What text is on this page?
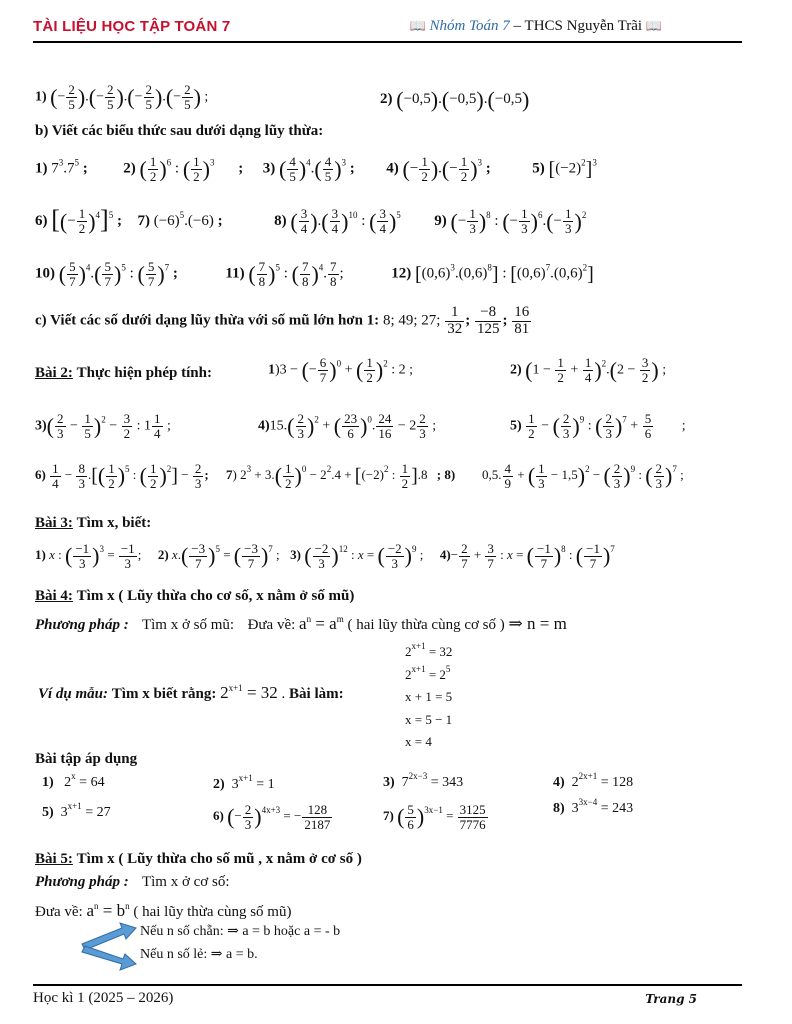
TÀI LIỆU HỌC TẬP TOÁN 7	📖 Nhóm Toán 7 – THCS Nguyễn Trãi 📖
1) (− $\frac{2}{5}$ ).(− $\frac{2}{5}$ ).(− $\frac{2}{5}$ ).(− $\frac{2}{5}$ ) ;	2) (−0,5).(−0,5).(−0,5)
b) Viết các biểu thức sau dưới dạng lũy thừa:
1) $7^3.7^5$ ; 2) ( $\frac{1}{2} )^6$ : ( $\frac{1}{2} )^3$ ; 3) ( $\frac{4}{5} )^4.( \frac{4}{5} )^3$ ; 4) (− $\frac{1}{2}$ ).(− $\frac{1}{2} )^3$ ;	5) $[(-2)^2]^3$
6) [(− $\frac{1}{2} )^4]^5$ ; 7) $(-6)^5.(-6)$ ;	8) ( $\frac{3}{4}$ ).( $\frac{3}{4} )^{10}$ : ( $\frac{3}{4} )^5$ 9) (− $\frac{1}{3} )^8$ : (− $\frac{1}{3} )^6.(- \frac{1}{3} )^2$
10) ( $\frac{5}{7} )^4.( \frac{5}{7} )^5$ : ( $\frac{5}{7} )^7$ ;	11) ( $\frac{7}{8} )^5$ : ( $\frac{7}{8} )^4$. $\frac{7}{8}$ ;	12) $[(0,6)^3.(0,6)^8]$ : $[(0,6)^7.(0,6)^2]$
c) Viết các số dưới dạng lũy thừa với số mũ lớn hơn 1: 8; 49; 27; $\frac{1}{32}$ ; $\frac{-8}{125}$ ; $\frac{16}{81}$
Bài 2: Thực hiện phép tính:	1)3 − (− $\frac{6}{7} )^0$ + ( $\frac{1}{2} )^2$ : 2 ;	2) $(1 - \frac{1}{2} + \frac{1}{4} )^2.(2 - \frac{3}{2}$ ) ;
$3)( \frac{2}{3} - \frac{1}{5} )^2 - \frac{3}{2}$ : $1 \frac{1}{4}$ ;	$4)15.( \frac{2}{3} )^2$ + ( $\frac{23}{6} )^0$. $\frac{24}{16} - 2 \frac{2}{3}$ ;	$5) \frac{1}{2}$ − ( $\frac{2}{3} )^9$ : ( $\frac{2}{3} )^7 + \frac{5}{6}$ ;
$6) \frac{1}{4} - \frac{8}{3}$ .[( $\frac{1}{2} )^5$ : ( $\frac{1}{2} )^2] - \frac{2}{3}$ ; 7) $2^3 + 3.( \frac{1}{2} )^0 - 2^2.4 + [(-2)^2$ : $\frac{1}{2} ].8$ ; 8) 0,5. $\frac{4}{9}$ + ( $\frac{1}{3} - 1,5)^2$ − ( $\frac{2}{3} )^9$ : ( $\frac{2}{3} )^7$ ;
Bài 3: Tìm x, biết:
1) x : ( $\frac{-1}{3} )^3 = \frac{-1}{3}$ ;  2) $x.( \frac{-3}{7} )^5$ = ( $\frac{-3}{7} )^7$ ;  3) ( $\frac{-2}{3} )^{12}$ : x = ( $\frac{-2}{3} )^9$ ;  $4)- \frac{2}{7} + \frac{3}{7}$ : x = ( $\frac{-1}{7} )^8$ : ( $\frac{-1}{7} )^7$
Bài 4: Tìm x ( Lũy thừa cho cơ số, x nằm ở số mũ)
Phương pháp : Tìm x ở số mũ: Đưa về: $a^n = a^m$ ( hai lũy thừa cùng cơ số ) ⇒ n = m
$2^{x+1} = 32$
$2^{x+1} = 2^5$
x + 1 = 5
x = 5 − 1
x = 4
Ví dụ mẫu: Tìm x biết rằng: $2^{x+1} = 32$ . Bài làm:
Bài tập áp dụng
1)   $2^x = 64$	2)  $3^{x+1} = 1$	3)  $7^{2x-3} = 343$	4)  $2^{2x+1} = 128$
5)  $3^{x+1} = 27$	6) (− $\frac{2}{3} )^{4x+3}$ = − $\frac{128}{2187}$	7) ( $\frac{5}{6} )^{3x-1} = \frac{3125}{7776}$	8)  $3^{3x-4} = 243$
Bài 5: Tìm x ( Lũy thừa cho số mũ , x nằm ở cơ số )
Phương pháp : Tìm x ở cơ số:
Đưa về: $a^n = b^n$ ( hai lũy thừa cùng số mũ)
Nếu n số chẵn: ⇒ a = b hoặc a = - b
Nếu n số lẻ: ⇒ a = b.
Học kì 1 (2025 – 2026)	Trang 5
